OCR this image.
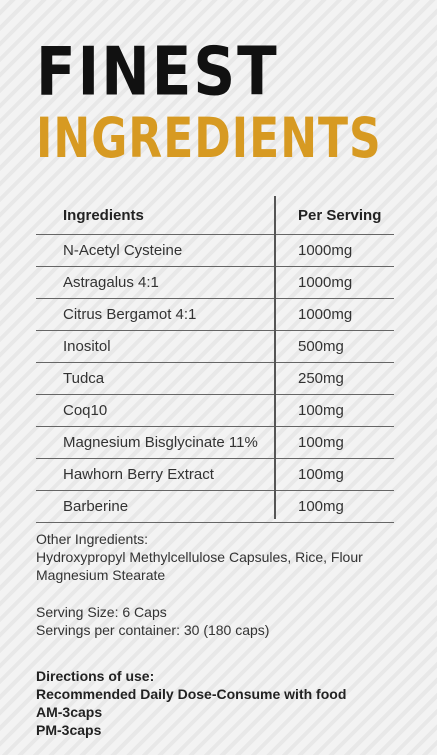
FINEST
INGREDIENTS
Ingredients	Per Serving
N-Acetyl Cysteine	1000mg
Astragalus 4:1	1000mg
Citrus Bergamot 4:1	1000mg
Inositol	500mg
Tudca	250mg
Coq10	100mg
Magnesium Bisglycinate 11%	100mg
Hawhorn Berry Extract	100mg
Barberine	100mg

Other Ingredients:

Hydroxypropyl Methylcellulose Capsules, Rice, Flour

Magnesium Stearate

Serving Size: 6 Caps

Servings per container: 30 (180 caps)

Directions of use:

Recommended Daily Dose-Consume with food

AM-3caps

PM-3caps
